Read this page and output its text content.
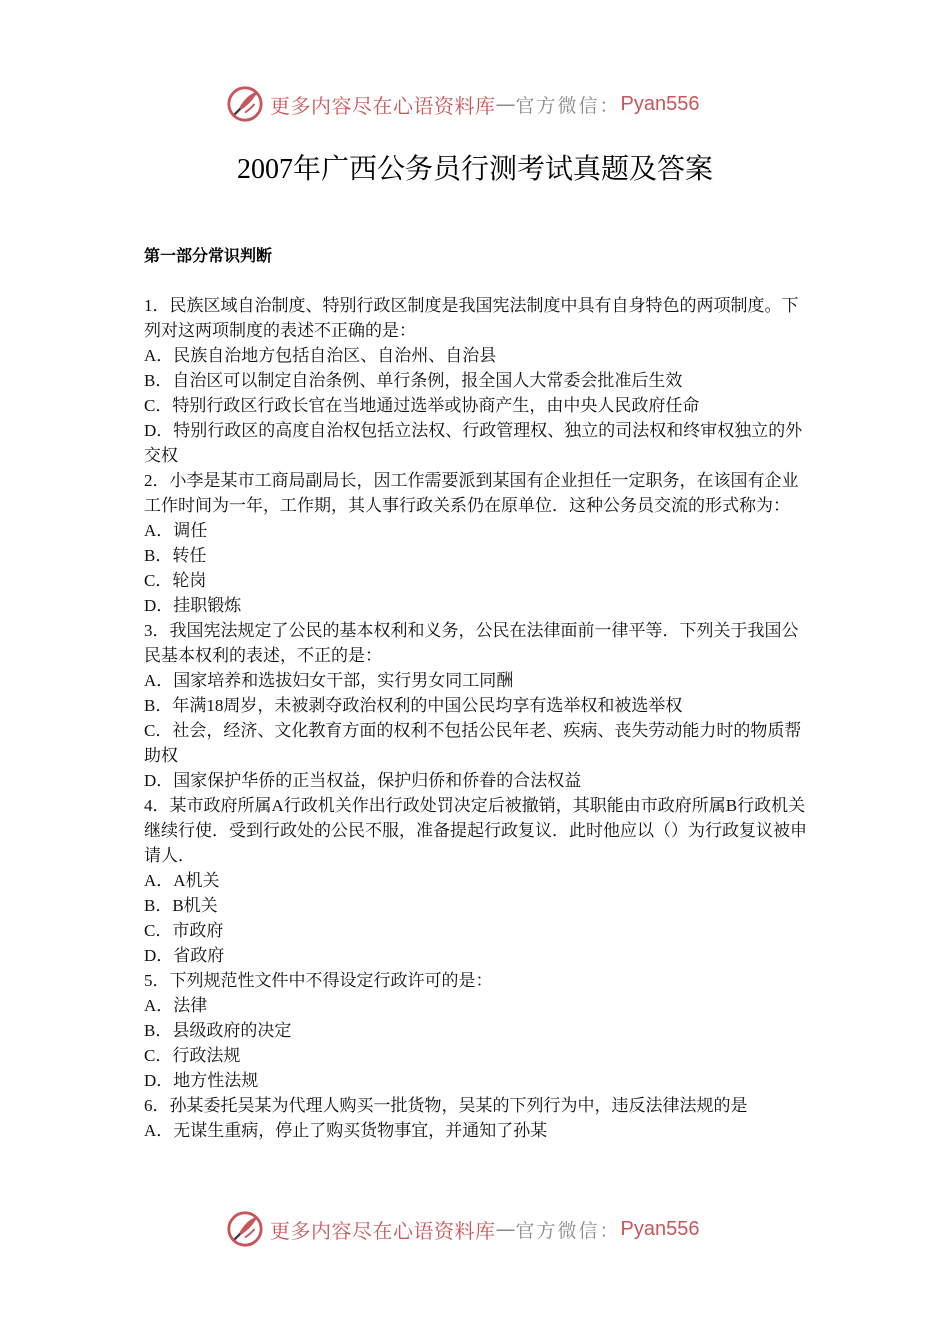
更多内容尽在心语资料库 — 官方微信： Pyan556
2007年广西公务员行测考试真题及答案
第一部分常识判断

1．民族区域自治制度、特别行政区制度是我国宪法制度中具有自身特色的两项制度。下列对这两项制度的表述不正确的是：

A．民族自治地方包括自治区、自治州、自治县

B．自治区可以制定自治条例、单行条例，报全国人大常委会批准后生效

C．特别行政区行政长官在当地通过选举或协商产生，由中央人民政府任命

D．特别行政区的高度自治权包括立法权、行政管理权、独立的司法权和终审权独立的外交权

2．小李是某市工商局副局长，因工作需要派到某国有企业担任一定职务，在该国有企业工作时间为一年，工作期，其人事行政关系仍在原单位．这种公务员交流的形式称为：

A．调任

B．转任

C．轮岗

D．挂职锻炼

3．我国宪法规定了公民的基本权利和义务，公民在法律面前一律平等．下列关于我国公民基本权利的表述，不正的是：

A．国家培养和选拔妇女干部，实行男女同工同酬

B．年满18周岁，未被剥夺政治权利的中国公民均享有选举权和被选举权

C．社会，经济、文化教育方面的权利不包括公民年老、疾病、丧失劳动能力时的物质帮助权

D．国家保护华侨的正当权益，保护归侨和侨眷的合法权益

4．某市政府所属A行政机关作出行政处罚决定后被撤销，其职能由市政府所属B行政机关继续行使．受到行政处的公民不服，准备提起行政复议．此时他应以（）为行政复议被申请人．

A．A机关

B．B机关

C．市政府

D．省政府

5．下列规范性文件中不得设定行政许可的是：

A．法律

B．县级政府的决定

C．行政法规

D．地方性法规

6．孙某委托吴某为代理人购买一批货物，吴某的下列行为中，违反法律法规的是

A．无谋生重病，停止了购买货物事宜，并通知了孙某

更多内容尽在心语资料库 — 官方微信： Pyan556
